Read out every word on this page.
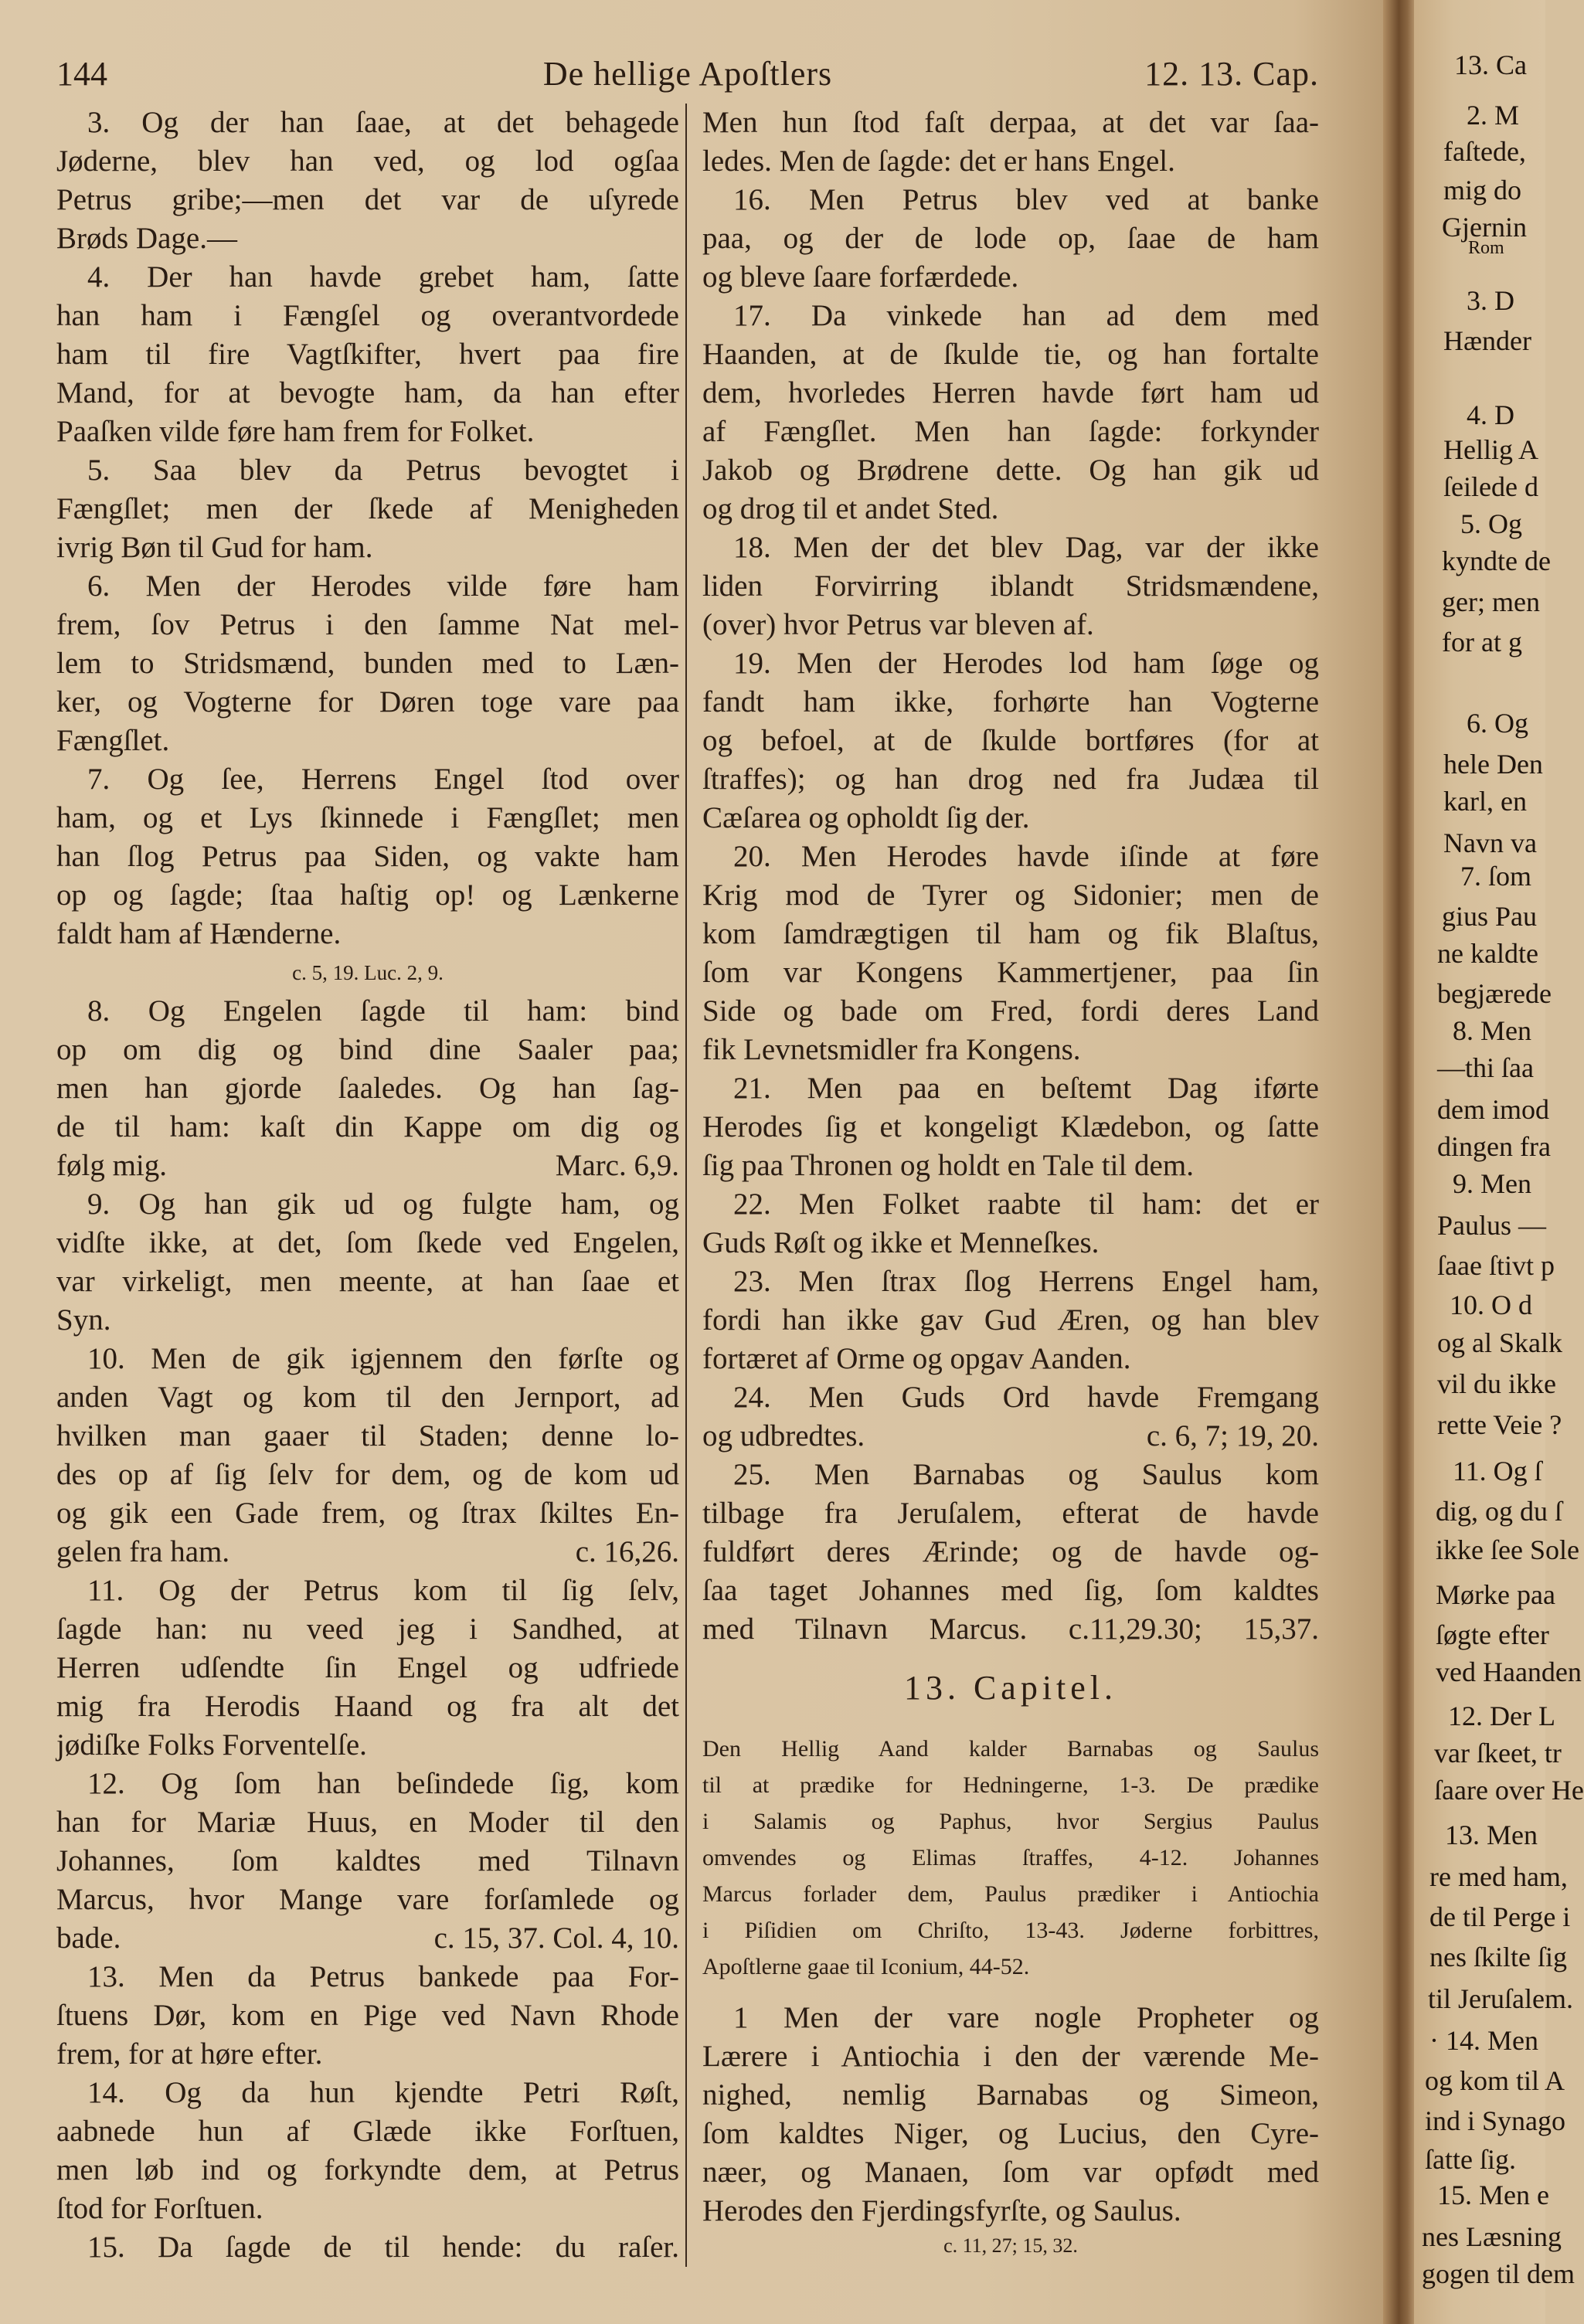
144	De hellige Apoſtlers	12. 13. Cap.
3. Og der han ſaae, at det behagede
Jøderne, blev han ved, og lod ogſaa
Petrus gribe;—men det var de uſyrede
Brøds Dage.—
4. Der han havde grebet ham, ſatte
han ham i Fængſel og overantvordede
ham til fire Vagtſkifter, hvert paa fire
Mand, for at bevogte ham, da han efter
Paaſken vilde føre ham frem for Folket.
5. Saa blev da Petrus bevogtet i
Fængſlet; men der ſkede af Menigheden
ivrig Bøn til Gud for ham.
6. Men der Herodes vilde føre ham
frem, ſov Petrus i den ſamme Nat mel-
lem to Stridsmænd, bunden med to Læn-
ker, og Vogterne for Døren toge vare paa
Fængſlet.
7. Og ſee, Herrens Engel ſtod over
ham, og et Lys ſkinnede i Fængſlet; men
han ſlog Petrus paa Siden, og vakte ham
op og ſagde; ſtaa haſtig op! og Lænkerne
faldt ham af Hænderne.
c. 5, 19. Luc. 2, 9.
8. Og Engelen ſagde til ham: bind
op om dig og bind dine Saaler paa;
men han gjorde ſaaledes. Og han ſag-
de til ham: kaſt din Kappe om dig og
følg mig.	Marc. 6,9.
9. Og han gik ud og fulgte ham, og
vidſte ikke, at det, ſom ſkede ved Engelen,
var virkeligt, men meente, at han ſaae et
Syn.
10. Men de gik igjennem den førſte og
anden Vagt og kom til den Jernport, ad
hvilken man gaaer til Staden; denne lo-
des op af ſig ſelv for dem, og de kom ud
og gik een Gade frem, og ſtrax ſkiltes En-
gelen fra ham.	c. 16,26.
11. Og der Petrus kom til ſig ſelv,
ſagde han: nu veed jeg i Sandhed, at
Herren udſendte ſin Engel og udfriede
mig fra Herodis Haand og fra alt det
jødiſke Folks Forventelſe.
12. Og ſom han beſindede ſig, kom
han for Mariæ Huus, en Moder til den
Johannes, ſom kaldtes med Tilnavn
Marcus, hvor Mange vare forſamlede og
bade.	c. 15, 37. Col. 4, 10.
13. Men da Petrus bankede paa For-
ſtuens Dør, kom en Pige ved Navn Rhode
frem, for at høre efter.
14. Og da hun kjendte Petri Røſt,
aabnede hun af Glæde ikke Forſtuen,
men løb ind og forkyndte dem, at Petrus
ſtod for Forſtuen.
15. Da ſagde de til hende: du raſer.
Men hun ſtod faſt derpaa, at det var ſaa-
ledes. Men de ſagde: det er hans Engel.
16. Men Petrus blev ved at banke
paa, og der de lode op, ſaae de ham
og bleve ſaare forfærdede.
17. Da vinkede han ad dem med
Haanden, at de ſkulde tie, og han fortalte
dem, hvorledes Herren havde ført ham ud
af Fængſlet. Men han ſagde: forkynder
Jakob og Brødrene dette. Og han gik ud
og drog til et andet Sted.
18. Men der det blev Dag, var der ikke
liden Forvirring iblandt Stridsmændene,
(over) hvor Petrus var bleven af.
19. Men der Herodes lod ham ſøge og
fandt ham ikke, forhørte han Vogterne
og befoel, at de ſkulde bortføres (for at
ſtraffes); og han drog ned fra Judæa til
Cæſarea og opholdt ſig der.
20. Men Herodes havde iſinde at føre
Krig mod de Tyrer og Sidonier; men de
kom ſamdrægtigen til ham og fik Blaſtus,
ſom var Kongens Kammertjener, paa ſin
Side og bade om Fred, fordi deres Land
fik Levnetsmidler fra Kongens.
21. Men paa en beſtemt Dag iførte
Herodes ſig et kongeligt Klædebon, og ſatte
ſig paa Thronen og holdt en Tale til dem.
22. Men Folket raabte til ham: det er
Guds Røſt og ikke et Menneſkes.
23. Men ſtrax ſlog Herrens Engel ham,
fordi han ikke gav Gud Æren, og han blev
fortæret af Orme og opgav Aanden.
24. Men Guds Ord havde Fremgang
og udbredtes.	c. 6, 7; 19, 20.
25. Men Barnabas og Saulus kom
tilbage fra Jeruſalem, efterat de havde
fuldført deres Ærinde; og de havde og-
ſaa taget Johannes med ſig, ſom kaldtes
med Tilnavn Marcus. c.11,29.30; 15,37.
13. Capitel.
Den Hellig Aand kalder Barnabas og Saulus
til at prædike for Hedningerne, 1-3. De prædike
i Salamis og Paphus, hvor Sergius Paulus
omvendes og Elimas ſtraffes, 4-12. Johannes
Marcus forlader dem, Paulus prædiker i Antiochia
i Piſidien om Chriſto, 13-43. Jøderne forbittres,
Apoſtlerne gaae til Iconium, 44-52.
1 Men der vare nogle Propheter og
Lærere i Antiochia i den der værende Me-
nighed, nemlig Barnabas og Simeon,
ſom kaldtes Niger, og Lucius, den Cyre-
næer, og Manaen, ſom var opfødt med
Herodes den Fjerdingsfyrſte, og Saulus.
c. 11, 27; 15, 32.
13. Ca
2. M
faſtede,
mig do
Gjernin
Rom
3. D
Hænder
4. D
Hellig A
ſeilede d
5. Og
kyndte de
ger; men
for at g
6. Og
hele Den
karl, en
Navn va
7. ſom
gius Pau
ne kaldte
begjærede
8. Men
—thi ſaa
dem imod
dingen fra
9. Men
Paulus —
ſaae ſtivt p
10. O d
og al Skalk
vil du ikke
rette Veie ?
11. Og ſ
dig, og du ſ
ikke ſee Sole
Mørke paa
ſøgte efter
ved Haanden
12. Der L
var ſkeet, tr
ſaare over He
13. Men
re med ham,
de til Perge i
nes ſkilte ſig
til Jeruſalem.
· 14. Men
og kom til A
ind i Synago
ſatte ſig.
15. Men e
nes Læsning
gogen til dem
